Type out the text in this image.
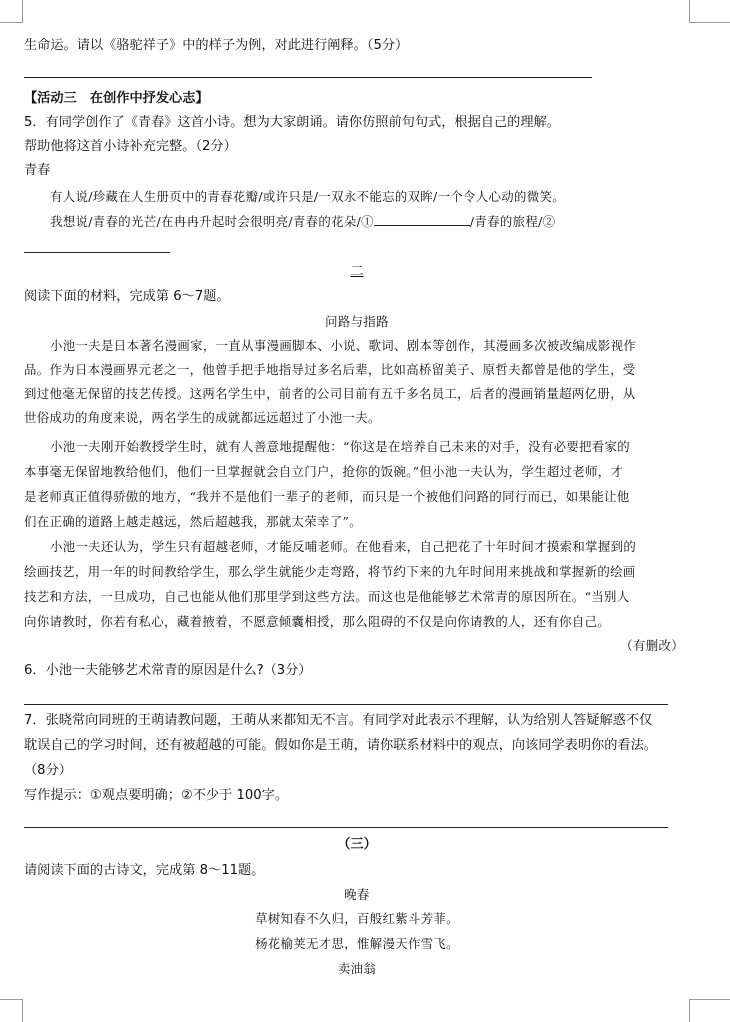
生命运。请以《骆驼祥子》中的样子为例，对此进行阐释。（5分）
【活动三　在创作中抒发心志】
5．有同学创作了《青春》这首小诗。想为大家朗诵。请你仿照前句句式，根据自己的理解。
帮助他将这首小诗补充完整。（2分）
青春
有人说/珍藏在人生册页中的青春花瓣/或许只是/一双永不能忘的双眸/一个令人心动的微笑。
我想说/青春的光芒/在冉冉升起时会很明亮/青春的花朵/①	/青春的旅程/②
二
阅读下面的材料，完成第 6～7题。
问路与指路
小池一夫是日本著名漫画家，一直从事漫画脚本、小说、歌词、剧本等创作，其漫画多次被改编成影视作
品。作为日本漫画界元老之一，他曾手把手地指导过多名后辈，比如高桥留美子、原哲夫都曾是他的学生，受
到过他毫无保留的技艺传授。这两名学生中，前者的公司目前有五千多名员工，后者的漫画销量超两亿册，从
世俗成功的角度来说，两名学生的成就都远远超过了小池一夫。
小池一夫刚开始教授学生时，就有人善意地提醒他：“你这是在培养自己未来的对手，没有必要把看家的
本事毫无保留地教给他们，他们一旦掌握就会自立门户，抢你的饭碗。”但小池一夫认为，学生超过老师，才
是老师真正值得骄傲的地方，“我并不是他们一辈子的老师，而只是一个被他们问路的同行而已，如果能让他
们在正确的道路上越走越远，然后超越我，那就太荣幸了”。
小池一夫还认为，学生只有超越老师，才能反哺老师。在他看来，自己把花了十年时间才摸索和掌握到的
绘画技艺，用一年的时间教给学生，那么学生就能少走弯路，将节约下来的九年时间用来挑战和掌握新的绘画
技艺和方法，一旦成功，自己也能从他们那里学到这些方法。而这也是他能够艺术常青的原因所在。“当别人
向你请教时，你若有私心，藏着掖着，不愿意倾囊相授，那么阻碍的不仅是向你请教的人，还有你自己。
（有删改）
6．小池一夫能够艺术常青的原因是什么?（3分）
7．张晓常向同班的王萌请教问题，王萌从来都知无不言。有同学对此表示不理解，认为给别人答疑解惑不仅
耽误自己的学习时间，还有被超越的可能。假如你是王萌，请你联系材料中的观点，向该同学表明你的看法。
（8分）
写作提示：①观点要明确；②不少于 100字。
（三）
请阅读下面的古诗文，完成第 8～11题。
晚春
草树知春不久归，百般红紫斗芳菲。
杨花榆荚无才思，惟解漫天作雪飞。
卖油翁
